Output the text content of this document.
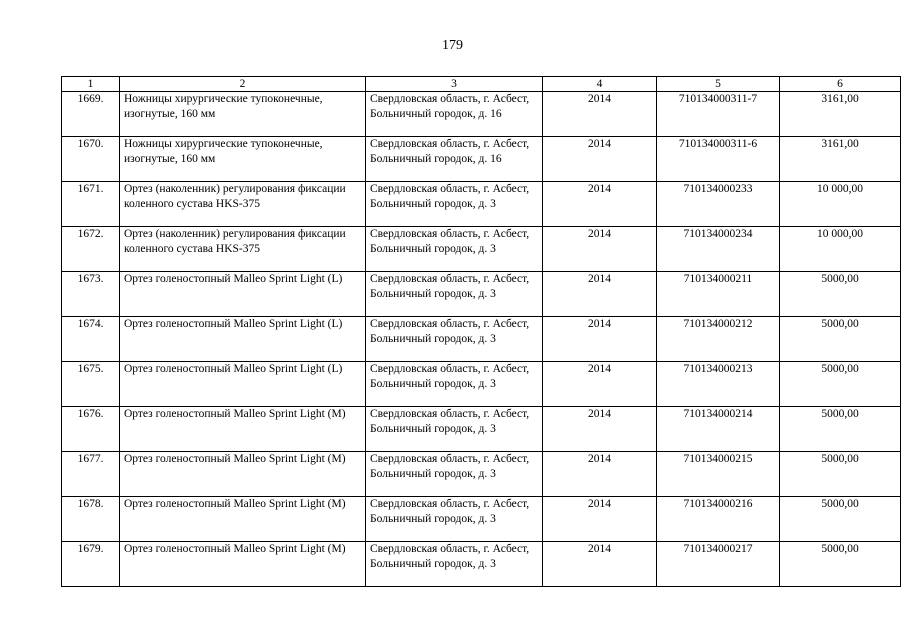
179
1	2	3	4	5	6
1669.	Ножницы хирургические тупоконечные, изогнутые, 160 мм	Свердловская область, г. Асбест, Больничный городок, д. 16	2014	710134000311-7	3161,00
1670.	Ножницы хирургические тупоконечные, изогнутые, 160 мм	Свердловская область, г. Асбест, Больничный городок, д. 16	2014	710134000311-6	3161,00
1671.	Ортез (наколенник) регулирования фиксации коленного сустава HKS-375	Свердловская область, г. Асбест, Больничный городок, д. 3	2014	710134000233	10 000,00
1672.	Ортез (наколенник) регулирования фиксации коленного сустава HKS-375	Свердловская область, г. Асбест, Больничный городок, д. 3	2014	710134000234	10 000,00
1673.	Ортез голеностопный Malleo Sprint Light (L)	Свердловская область, г. Асбест, Больничный городок, д. 3	2014	710134000211	5000,00
1674.	Ортез голеностопный Malleo Sprint Light (L)	Свердловская область, г. Асбест, Больничный городок, д. 3	2014	710134000212	5000,00
1675.	Ортез голеностопный Malleo Sprint Light (L)	Свердловская область, г. Асбест, Больничный городок, д. 3	2014	710134000213	5000,00
1676.	Ортез голеностопный Malleo Sprint Light (M)	Свердловская область, г. Асбест, Больничный городок, д. 3	2014	710134000214	5000,00
1677.	Ортез голеностопный Malleo Sprint Light (M)	Свердловская область, г. Асбест, Больничный городок, д. 3	2014	710134000215	5000,00
1678.	Ортез голеностопный Malleo Sprint Light (M)	Свердловская область, г. Асбест, Больничный городок, д. 3	2014	710134000216	5000,00
1679.	Ортез голеностопный Malleo Sprint Light (M)	Свердловская область, г. Асбест, Больничный городок, д. 3	2014	710134000217	5000,00
